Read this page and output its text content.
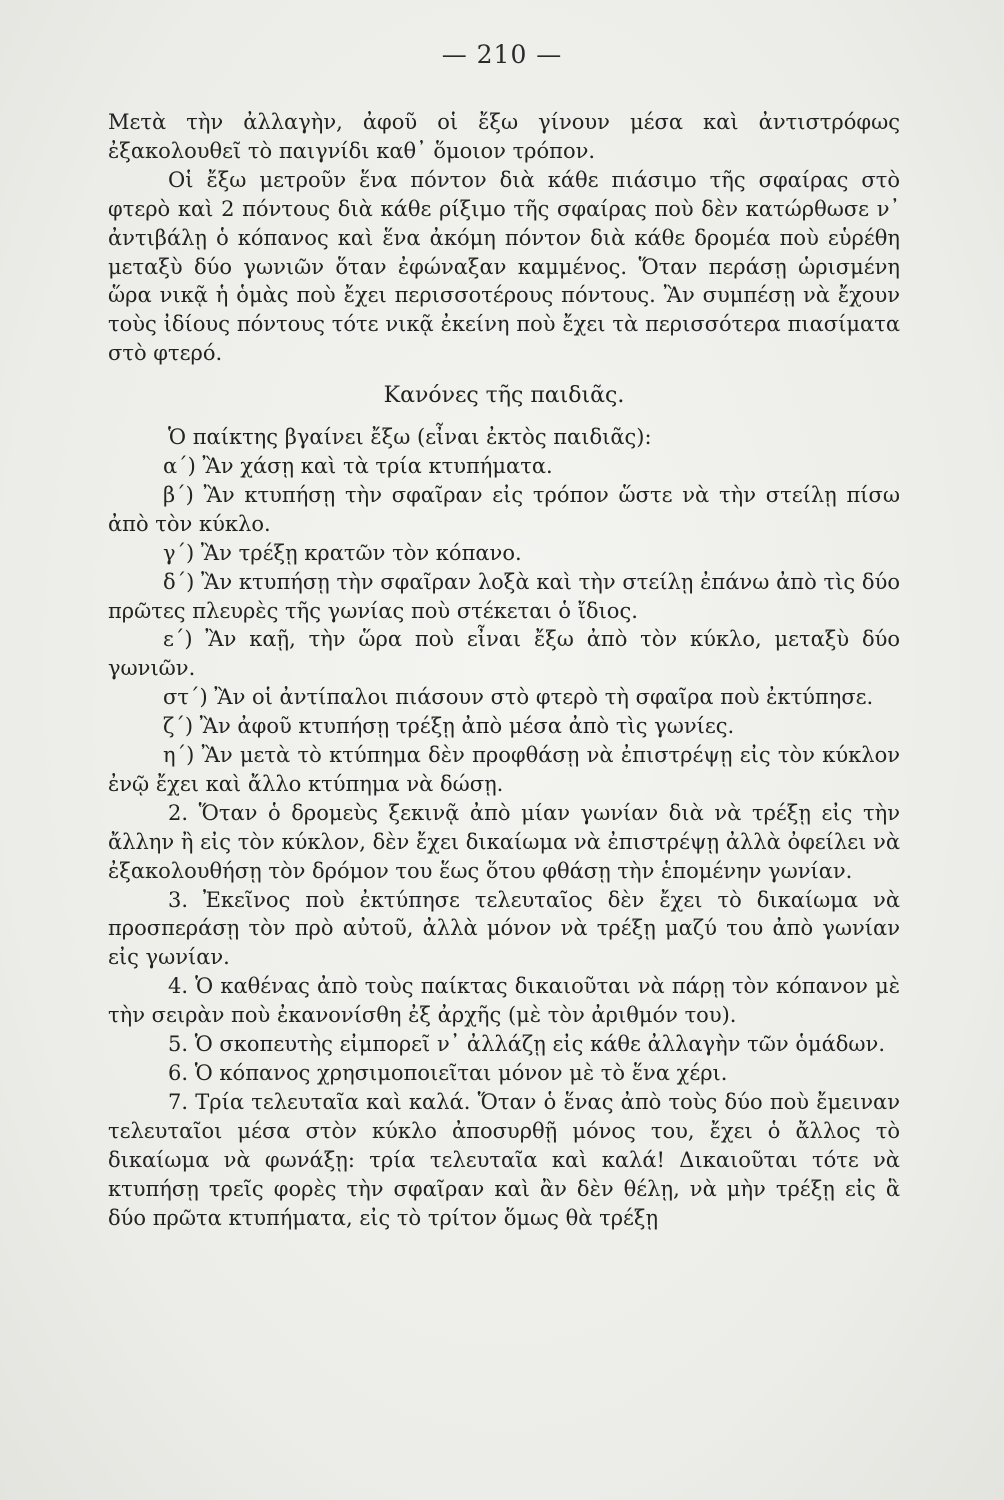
— 210 —

Μετὰ τὴν ἀλλαγὴν, ἀφοῦ οἱ ἔξω γίνουν μέσα καὶ ἀντιστρόφως ἐξακολουθεῖ τὸ παιγνίδι καθ᾽ ὅμοιον τρόπον.

Οἱ ἔξω μετροῦν ἕνα πόντον διὰ κάθε πιάσιμο τῆς σφαίρας στὸ φτερὸ καὶ 2 πόντους διὰ κάθε ρίξιμο τῆς σφαίρας ποὺ δὲν κατώρθωσε ν᾽ ἀντιβάλῃ ὁ κόπανος καὶ ἕνα ἀκόμη πόντον διὰ κάθε δρομέα ποὺ εὑρέθη μεταξὺ δύο γωνιῶν ὅταν ἐφώναξαν καμμένος. Ὅταν περάσῃ ὡρισμένη ὥρα νικᾷ ἡ ὁμὰς ποὺ ἔχει περισσοτέρους πόντους. Ἂν συμπέσῃ νὰ ἔχουν τοὺς ἰδίους πόντους τότε νικᾷ ἐκείνη ποὺ ἔχει τὰ περισσότερα πιασίματα στὸ φτερό.

Κανόνες τῆς παιδιᾶς.

Ὁ παίκτης βγαίνει ἔξω (εἶναι ἐκτὸς παιδιᾶς):

α΄) Ἂν χάσῃ καὶ τὰ τρία κτυπήματα.

β΄) Ἂν κτυπήσῃ τὴν σφαῖραν εἰς τρόπον ὥστε νὰ τὴν στείλῃ πίσω ἀπὸ τὸν κύκλο.

γ΄) Ἂν τρέξῃ κρατῶν τὸν κόπανο.

δ΄) Ἂν κτυπήσῃ τὴν σφαῖραν λοξὰ καὶ τὴν στείλῃ ἐπάνω ἀπὸ τὶς δύο πρῶτες πλευρὲς τῆς γωνίας ποὺ στέκεται ὁ ἴδιος.

ε΄) Ἂν καῇ, τὴν ὥρα ποὺ εἶναι ἔξω ἀπὸ τὸν κύκλο, μεταξὺ δύο γωνιῶν.

στ΄) Ἂν οἱ ἀντίπαλοι πιάσουν στὸ φτερὸ τὴ σφαῖρα ποὺ ἐκτύπησε.

ζ΄) Ἂν ἀφοῦ κτυπήσῃ τρέξῃ ἀπὸ μέσα ἀπὸ τὶς γωνίες.

η΄) Ἂν μετὰ τὸ κτύπημα δὲν προφθάσῃ νὰ ἐπιστρέψῃ εἰς τὸν κύκλον ἐνῷ ἔχει καὶ ἄλλο κτύπημα νὰ δώσῃ.

2. Ὅταν ὁ δρομεὺς ξεκινᾷ ἀπὸ μίαν γωνίαν διὰ νὰ τρέξῃ εἰς τὴν ἄλλην ἢ εἰς τὸν κύκλον, δὲν ἔχει δικαίωμα νὰ ἐπιστρέψῃ ἀλλὰ ὀφείλει νὰ ἐξακολουθήσῃ τὸν δρόμον του ἕως ὅτου φθάσῃ τὴν ἑπομένην γωνίαν.

3. Ἐκεῖνος ποὺ ἐκτύπησε τελευταῖος δὲν ἔχει τὸ δικαίωμα νὰ προσπεράσῃ τὸν πρὸ αὐτοῦ, ἀλλὰ μόνον νὰ τρέξῃ μαζύ του ἀπὸ γωνίαν εἰς γωνίαν.

4. Ὁ καθένας ἀπὸ τοὺς παίκτας δικαιοῦται νὰ πάρῃ τὸν κόπανον μὲ τὴν σειρὰν ποὺ ἐκανονίσθη ἐξ ἀρχῆς (μὲ τὸν ἀριθμόν του).

5. Ὁ σκοπευτὴς εἰμπορεῖ ν᾽ ἀλλάζῃ εἰς κάθε ἀλλαγὴν τῶν ὁμάδων.

6. Ὁ κόπανος χρησιμοποιεῖται μόνον μὲ τὸ ἕνα χέρι.

7. Τρία τελευταῖα καὶ καλά. Ὅταν ὁ ἕνας ἀπὸ τοὺς δύο ποὺ ἔμειναν τελευταῖοι μέσα στὸν κύκλο ἀποσυρθῇ μόνος του, ἔχει ὁ ἄλλος τὸ δικαίωμα νὰ φωνάξῃ: τρία τελευταῖα καὶ καλά! Δικαιοῦται τότε νὰ κτυπήσῃ τρεῖς φορὲς τὴν σφαῖραν καὶ ἂν δὲν θέλῃ, νὰ μὴν τρέξῃ εἰς ἃ δύο πρῶτα κτυπήματα, εἰς τὸ τρίτον ὅμως θὰ τρέξῃ
